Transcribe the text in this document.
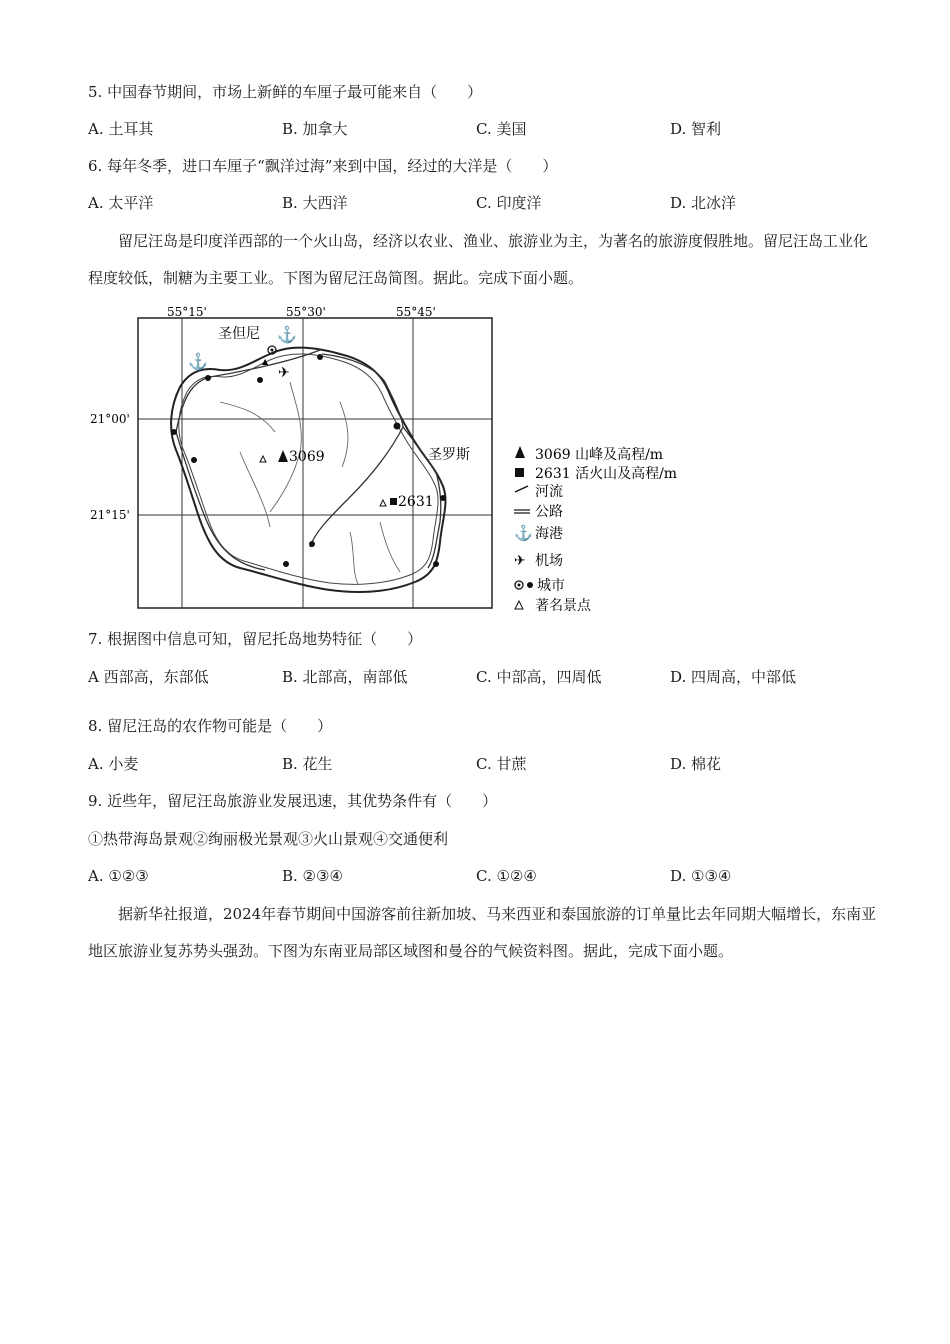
5. 中国春节期间，市场上新鲜的车厘子最可能来自（　　）
A. 土耳其	B. 加拿大	C. 美国	D. 智利
6. 每年冬季，进口车厘子“飘洋过海”来到中国，经过的大洋是（　　）
A. 太平洋	B. 大西洋	C. 印度洋	D. 北冰洋
留尼汪岛是印度洋西部的一个火山岛，经济以农业、渔业、旅游业为主，为著名的旅游度假胜地。留尼汪岛工业化程度较低，制糖为主要工业。下图为留尼汪岛简图。据此。完成下面小题。
55°15'	55°30'	55°45'
21°00'
21°15'
圣但尼
圣罗斯
⚓
⚓
✈
▲
3069
2631
3069 山峰及高程/m
2631 活火山及高程/m
河流
公路
⚓ 海港
✈ 机场
城市
著名景点
7. 根据图中信息可知，留尼托岛地势特征（　　）
A 西部高，东部低	B. 北部高，南部低	C. 中部高，四周低	D. 四周高，中部低
8. 留尼汪岛的农作物可能是（　　）
A. 小麦	B. 花生	C. 甘蔗	D. 棉花
9. 近些年，留尼汪岛旅游业发展迅速，其优势条件有（　　）
①热带海岛景观②绚丽极光景观③火山景观④交通便利
A. ①②③	B. ②③④	C. ①②④	D. ①③④
据新华社报道，2024年春节期间中国游客前往新加坡、马来西亚和泰国旅游的订单量比去年同期大幅增长，东南亚地区旅游业复苏势头强劲。下图为东南亚局部区域图和曼谷的气候资料图。据此，完成下面小题。
